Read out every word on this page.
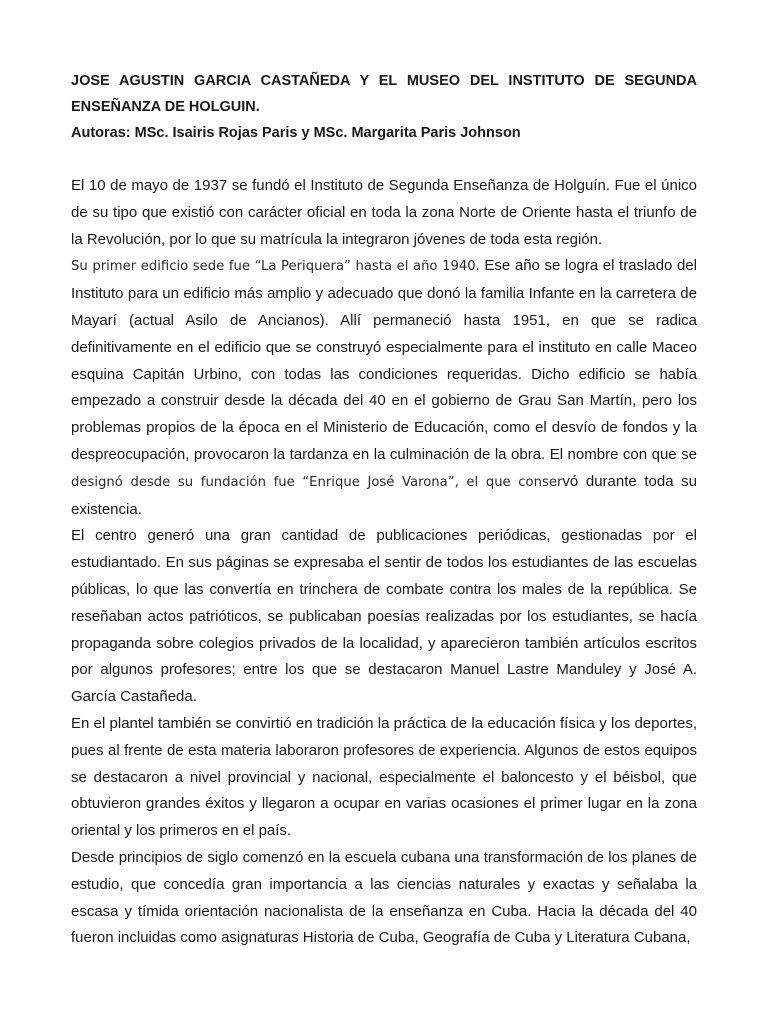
JOSE AGUSTIN GARCIA CASTAÑEDA Y EL MUSEO DEL INSTITUTO DE SEGUNDA ENSEÑANZA DE HOLGUIN.

Autoras: MSc. Isairis Rojas Paris y MSc. Margarita Paris Johnson

El 10 de mayo de 1937 se fundó el Instituto de Segunda Enseñanza de Holguín. Fue el único de su tipo que existió con carácter oficial en toda la zona Norte de Oriente hasta el triunfo de la Revolución, por lo que su matrícula la integraron jóvenes de toda esta región.

Su primer edificio sede fue “La Periquera” hasta el año 1940. Ese año se logra el traslado del Instituto para un edificio más amplio y adecuado que donó la familia Infante en la carretera de Mayarí (actual Asilo de Ancianos). Allí permaneció hasta 1951, en que se radica definitivamente en el edificio que se construyó especialmente para el instituto en calle Maceo esquina Capitán Urbino, con todas las condiciones requeridas. Dicho edificio se había empezado a construir desde la década del 40 en el gobierno de Grau San Martín, pero los problemas propios de la época en el Ministerio de Educación, como el desvío de fondos y la despreocupación, provocaron la tardanza en la culminación de la obra. El nombre con que se designó desde su fundación fue “Enrique José Varona”, el que conservó durante toda su existencia.

El centro generó una gran cantidad de publicaciones periódicas, gestionadas por el estudiantado. En sus páginas se expresaba el sentir de todos los estudiantes de las escuelas públicas, lo que las convertía en trinchera de combate contra los males de la república. Se reseñaban actos patrióticos, se publicaban poesías realizadas por los estudiantes, se hacía propaganda sobre colegios privados de la localidad, y aparecieron también artículos escritos por algunos profesores; entre los que se destacaron Manuel Lastre Manduley y José A. García Castañeda.

En el plantel también se convirtió en tradición la práctica de la educación física y los deportes, pues al frente de esta materia laboraron profesores de experiencia. Algunos de estos equipos se destacaron a nivel provincial y nacional, especialmente el baloncesto y el béisbol, que obtuvieron grandes éxitos y llegaron a ocupar en varias ocasiones el primer lugar en la zona oriental y los primeros en el país.

Desde principios de siglo comenzó en la escuela cubana una transformación de los planes de estudio, que concedía gran importancia a las ciencias naturales y exactas y señalaba la escasa y tímida orientación nacionalista de la enseñanza en Cuba. Hacia la década del 40 fueron incluidas como asignaturas Historia de Cuba, Geografía de Cuba y Literatura Cubana,
